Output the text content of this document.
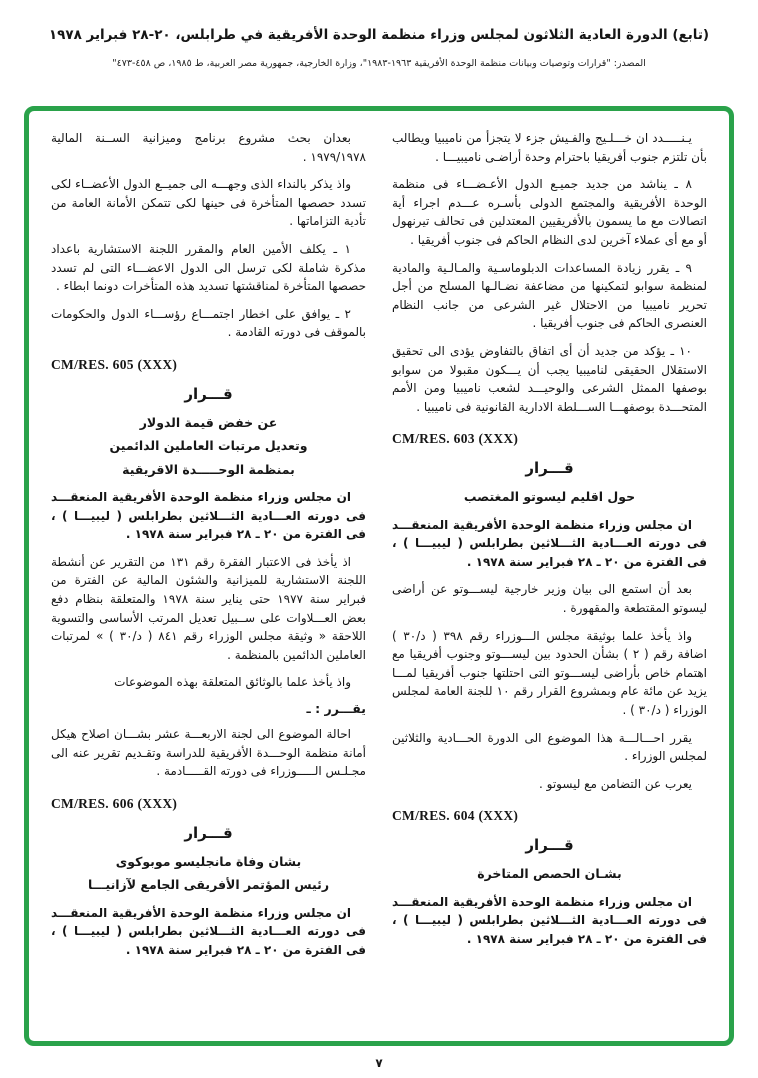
(تابع) الدورة العادية الثلاثون لمجلس وزراء منظمة الوحدة الأفريقية في طرابلس، ٢٠-٢٨ فبراير ١٩٧٨
المصدر: "قرارات وتوصيات وبيانات منظمة الوحدة الأفريقية ١٩٦٣-١٩٨٣"، وزارة الخارجية، جمهورية مصر العربية، ط ١٩٨٥، ص ٤٥٨-٤٧٣"
يـنـــــدد ان خـــلـيج والفـيش جزء لا يتجزأ من ناميبيا ويطالب بأن تلتزم جنوب أفريقيا باحترام وحدة أراضـى ناميبيـــا .
٨ ـ يناشد من جديد جميـع الدول الأعـضـــاء فى منظمة الوحدة الأفريقية والمجتمع الدولى بأسـره عـــدم اجراء أية اتصالات مع ما يسمون بالأفريقيين المعتدلين فى تحالف تيرنهول أو مع أى عملاء آخرين لدى النظام الحاكم فى جنوب أفريقيا .
٩ ـ يقرر زيادة المساعدات الدبلوماسـية والمـالـية والمادية لمنظمة سوابو لتمكينها من مضاعفة نضـالـها المسلح من أجل تحرير ناميبيا من الاحتلال غير الشرعى من جانب النظام العنصرى الحاكم فى جنوب أفريقيا .
١٠ ـ يؤكد من جديد أن أى اتفاق بالتفاوض يؤدى الى تحقيق الاستقلال الحقيقى لناميبيا يجب أن يـــكون مقبولا من سوابو بوصفها الممثل الشرعى والوحيـــد لشعب ناميبيا ومن الأمم المتحـــدة بوصفهـــا الســـلطة الادارية القانونية فى ناميبيا .
CM/RES. 603 (XXX)
قـــرار
حول اقليم ليسوتو المغتصب
ان مجلس وزراء منظمة الوحدة الأفريقية المنعقـــد فى دورته العـــادية الثـــلاثين بطرابلس ( ليبيـــا ) ، فى الفترة من ٢٠ ـ ٢٨ فبراير سنة ١٩٧٨ .
بعد أن استمع الى بيان وزير خارجية ليســـوتو عن أراضى ليسوتو المقتطعة والمقهورة .
واذ يأخذ علما بوثيقة مجلس الـــوزراء رقم ٣٩٨ ( د/٣٠ ) اضافة رقم ( ٢ ) بشأن الحدود بين ليســـوتو وجنوب أفريقيا مع اهتمام خاص بأراضى ليســـوتو التى احتلتها جنوب أفريقيا لمـــا يزيد عن مائة عام وبمشروع القرار رقم ١٠ للجنة العامة لمجلس الوزراء ( د/٣٠ ) .
يقرر احـــالـــة هذا الموضوع الى الدورة الحـــادية والثلاثين لمجلس الوزراء .
يعرب عن التضامن مع ليسوتو .
CM/RES. 604 (XXX)
قـــرار
بشـان الحصص المتاخرة
ان مجلس وزراء منظمة الوحدة الأفريقية المنعقـــد فى دورته العـــادية الثـــلاثين بطرابلس ( ليبيـــا ) ، فى الفترة من ٢٠ ـ ٢٨ فبراير سنة ١٩٧٨ .
بعدان بحث مشروع برنامج وميزانية الســنة المالية ١٩٧٩/١٩٧٨ .
واذ يذكر بالنداء الذى وجهـــه الى جميــع الدول الأعضــاء لكى تسدد حصصها المتأخرة فى حينها لكى تتمكن الأمانة العامة من تأدية التزاماتها .
١ ـ يكلف الأمين العام والمقرر اللجنة الاستشارية باعداد مذكرة شاملة لكى ترسل الى الدول الاعضـــاء التى لم تسدد حصصها المتأخرة لمناقشتها تسديد هذه المتأخرات دونما ابطاء .
٢ ـ يوافق على اخطار اجتمـــاع رؤســـاء الدول والحكومات بالموقف فى دورته القادمة .
CM/RES. 605 (XXX)
قـــرار
عن خفض قيمة الدولار
وتعديل مرتبات العاملين الدائمين
بمنظمة الوحـــــدة الاقريقية
ان مجلس وزراء منظمة الوحدة الأفريقية المنعقـــد فى دورته العـــادية الثـــلاثين بطرابلس ( ليبيـــا ) ، فى الفترة من ٢٠ ـ ٢٨ فبراير سنة ١٩٧٨ .
اذ يأخذ فى الاعتبار الفقرة رقم ١٣١ من التقرير عن أنشطة اللجنة الاستشارية للميزانية والشئون المالية عن الفترة من فبراير سنة ١٩٧٧ حتى يناير سنة ١٩٧٨ والمتعلقة بنظام دفع بعض العـــلاوات على ســبيل تعديل المرتب الأساسى والتسوية اللاحقة « وثيقة مجلس الوزراء رقم ٨٤١ ( د/٣٠ ) » لمرتبات العاملين الدائمين بالمنظمة .
واذ يأخذ علما بالوثائق المتعلقة بهذه الموضوعات
يقـــرر : ـ
احالة الموضوع الى لجنة الاربعـــة عشر بشـــان اصلاح هيكل أمانة منظمة الوحـــدة الأفريقية للدراسة وتقـديم تقرير عنه الى مجـلـس الـــــوزراء فى دورته القـــــادمة .
CM/RES. 606 (XXX)
قـــرار
بشان وفاة مانجليسو موبوكوى
رئيس المؤتمر الأفريقى الجامع لآزانيـــا
ان مجلس وزراء منظمة الوحدة الأفريقية المنعقـــد فى دورته العـــادية الثـــلاثين بطرابلس ( ليبيـــا ) ، فى الفترة من ٢٠ ـ ٢٨ فبراير سنة ١٩٧٨ .
٧
